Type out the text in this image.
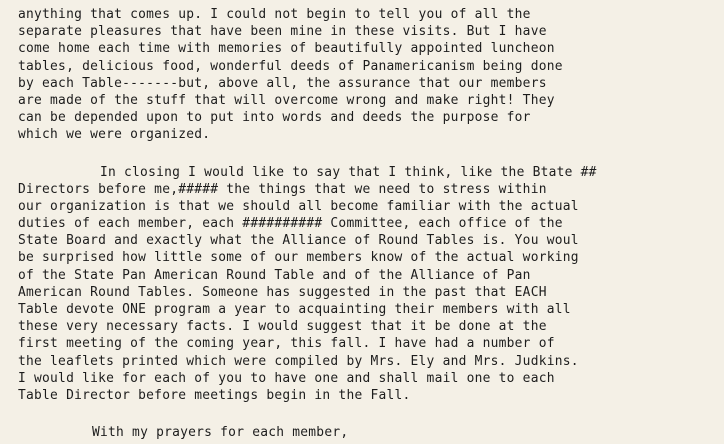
anything that comes up. I could not begin to tell you of all the
separate pleasures that have been mine in these visits. But I have
come home each time with memories of beautifully appointed luncheon
tables, delicious food, wonderful deeds of Panamericanism being done
by each Table-------but, above all, the assurance that our members
are made of the stuff that will overcome wrong and make right! They
can be depended upon to put into words and deeds the purpose for
which we were organized.
In closing I would like to say that I think, like the Btate ##
Directors before me,##### the things that we need to stress within
our organization is that we should all become familiar with the actual
duties of each member, each ########## Committee, each office of the
State Board and exactly what the Alliance of Round Tables is. You woul
be surprised how little some of our members know of the actual working
of the State Pan American Round Table and of the Alliance of Pan
American Round Tables. Someone has suggested in the past that EACH
Table devote ONE program a year to acquainting their members with all
these very necessary facts. I would suggest that it be done at the
first meeting of the coming year, this fall. I have had a number of
the leaflets printed which were compiled by Mrs. Ely and Mrs. Judkins.
I would like for each of you to have one and shall mail one to each
Table Director before meetings begin in the Fall.
With my prayers for each member,
